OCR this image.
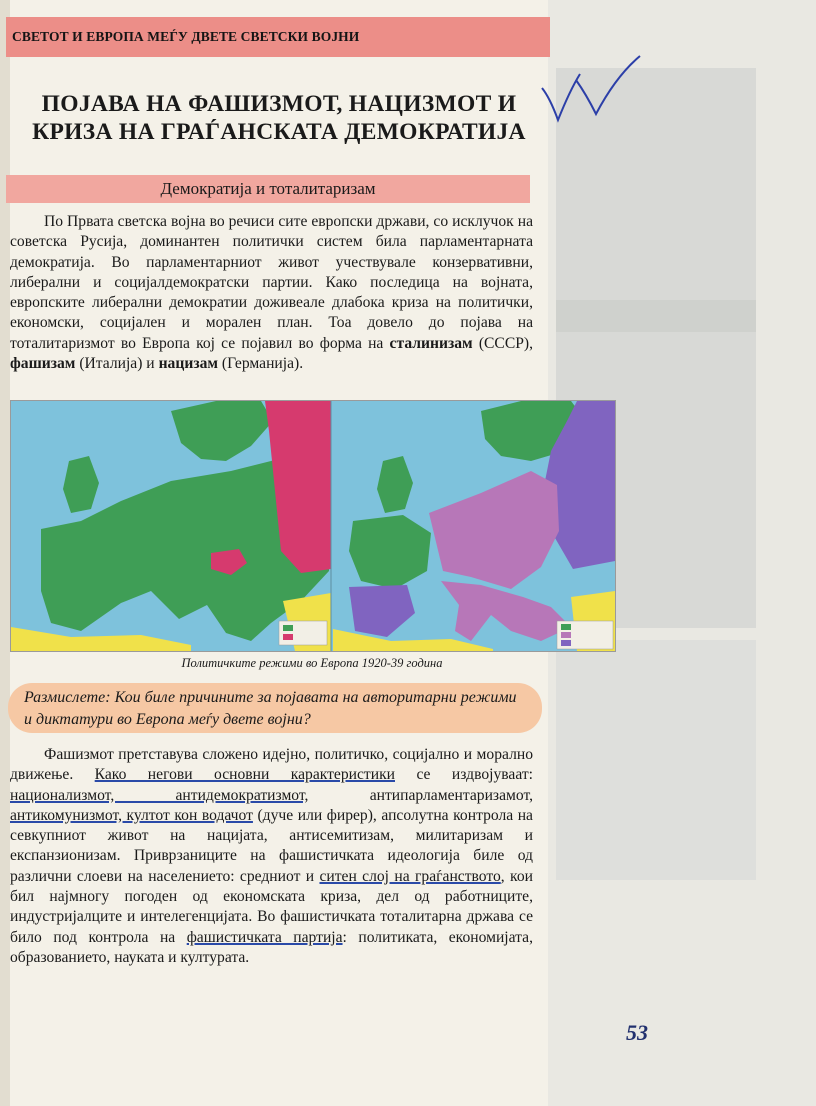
СВЕТОТ И ЕВРОПА МЕЃУ ДВЕТЕ СВЕТСКИ ВОЈНИ
ПОЈАВА НА ФАШИЗМОТ, НАЦИЗМОТ И
КРИЗА НА ГРАЃАНСКАТА ДЕМОКРАТИЈА
Демократија и тоталитаризам

По Првата светска војна во речиси сите европски држави, со исклучок на советска Русија, доминантен политички систем била парламентарната демократија. Во парламентарниот живот учествувале конзервативни, либерални и социјалдемократски партии. Како последица на војната, европските либерални демократии доживеале длабока криза на политички, економски, социјален и морален план. Тоа довело до појава на тоталитаризмот во Европа кој се појавил во форма на сталинизам (СССР), фашизам (Италија) и нацизам (Германија).

Политичките режими во Европа 1920-39 година
Размислете: Кои биле причините за појавата на авторитарни режими и диктатури во Европа меѓу двете војни?

Фашизмот претставува сложено идејно, политичко, социјално и морално движење. Како негови основни карактеристики се издвојуваат: национализмот, антидемократизмот, антипарламентаризамот, антикомунизмот, култот кон водачот (дуче или фирер), апсолутна контрола на севкупниот живот на нацијата, антисемитизам, милитаризам и експанзионизам. Приврзаниците на фашистичката идеологија биле од различни слоеви на населението: средниот и ситен слој на граѓанството, кои бил најмногу погоден од економската криза, дел од работниците, индустријалците и интелегенцијата. Во фашистичката тоталитарна држава се било под контрола на фашистичката партија: политиката, економијата, образованието, науката и културата.

53
